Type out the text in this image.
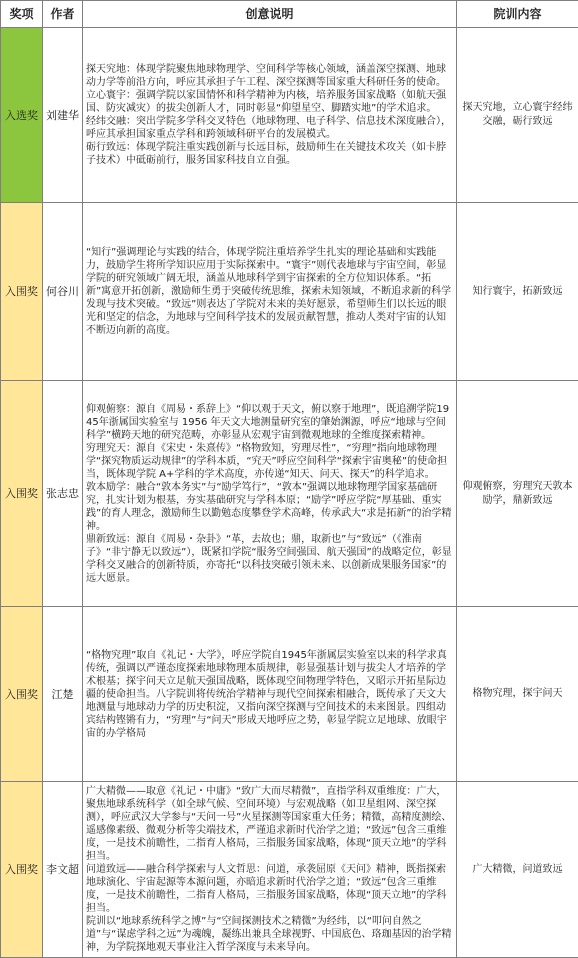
奖项	作者	创意说明	院训内容
入选奖	刘建华	探天究地：体现学院聚焦地球物理学、空间科学等核心领域，涵盖深空探测、地球动力学等前沿方向，呼应其承担子午工程、深空探测等国家重大科研任务的使命。
立心寰宇：强调学院以家国情怀和科学精神为内核，培养服务国家战略（如航天强国、防灾减灾）的拔尖创新人才，同时彰显“仰望星空、脚踏实地”的学术追求。
经纬交融：突出学院多学科交叉特色（地球物理、电子科学、信息技术深度融合），呼应其承担国家重点学科和跨领域科研平台的发展模式。
砺行致远：体现学院注重实践创新与长远目标，鼓励师生在关键技术攻关（如卡脖子技术）中砥砺前行，服务国家科技自立自强。	探天究地，立心寰宇经纬交融，砺行致远
入围奖	何谷川	“知行”强调理论与实践的结合，体现学院注重培养学生扎实的理论基础和实践能力，鼓励学生将所学知识应用于实际探索中。“寰宇”则代表地球与宇宙空间，彰显学院的研究领域广阔无垠，涵盖从地球科学到宇宙探索的全方位知识体系。“拓新”寓意开拓创新，激励师生勇于突破传统思维，探索未知领域，不断追求新的科学发现与技术突破。“致远”则表达了学院对未来的美好愿景，希望师生们以长远的眼光和坚定的信念，为地球与空间科学技术的发展贡献智慧，推动人类对宇宙的认知不断迈向新的高度。	知行寰宇，拓新致远
入围奖	张志忠	仰观俯察：源自《周易・系辞上》“仰以观于天文，俯以察于地理”，既追溯学院1945年浙属国实验室与 1956 年天文大地测量研究室的肇始渊源，呼应“地球与空间科学”横跨天地的研究范畴，亦彰显从宏观宇宙到微观地球的全维度探索精神。
穷理究天：源自《宋史・朱熹传》“格物致知，穷理尽性”，“穷理”指向地球物理学“探究物质运动规律”的学科本质，“究天”呼应空间科学“探索宇宙奥秘”的使命担当，既体现学院 A+学科的学术高度，亦传递“知天、问天、探天”的科学追求。
敦本励学：融合“敦本务实”与“励学笃行”，“敦本”强调以地球物理学国家基础研究，扎实计划为根基，夯实基础研究与学科本原；“励学”呼应学院“厚基础、重实践”的育人理念，激励师生以勤勉态度攀登学术高峰，传承武大“求是拓新”的治学精神。
鼎新致远：源自《周易・杂卦》“革，去故也；鼎，取新也”与“致远”（《淮南子》“非宁静无以致远”），既紧扣学院“服务空间强国、航天强国”的战略定位，彰显学科交叉融合的创新特质，亦寄托“以科技突破引领未来、以创新成果服务国家”的远大愿景。	仰观俯察，穷理究天敦本励学，鼎新致远
入围奖	江楚	“格物究理”取自《礼记・大学》，呼应学院自1945年浙属层实验室以来的科学求真传统，强调以严谨态度探索地球物理本质规律，彰显强基计划与拔尖人才培养的学术根基；探宇问天立足航天强国战略，既体现空间物理学特色，又昭示开拓星际边疆的使命担当。八字院训将传统治学精神与现代空间探索相融合，既传承了天文大地测量与地球动力学的历史积淀，又指向深空探测与空间技术的未来图景。四组动宾结构铿锵有力，“穷理”与“问天”形成天地呼应之势，彰显学院立足地球、放眼宇宙的办学格局	格物究理，探宇问天
入围奖	李文超	广大精微——取意《礼记・中庸》“致广大而尽精微”，直指学科双重维度：广大，聚焦地球系统科学（如全球气候、空间环境）与宏观战略（如卫星组网、深空探测），呼应武汉大学参与“天问一号”火星探测等国家重大任务；精微，高精度测绘、遥感像素级、微观分析等尖端技术，严谨追求新时代治学之道；“致远”包含三重维度，一是技术前瞻性，二指育人格局，三指服务国家战略，体现“顶天立地”的学科担当。
问道致远——融合科学探索与人文哲思：问道，承袭屈原《天问》精神，既指探索地球演化、宇宙起源等本源问题，亦暗追求新时代治学之道；“致远”包含三重维度，一是技术前瞻性，二指育人格局，三指服务国家战略，体现“顶天立地”的学科担当。
院训以“地球系统科学之博”与“空间探测技术之精微”为经纬，以“叩问自然之道”与“谋虑学科之远”为魂魄，凝练出兼具全球视野、中国底色、珞珈基因的治学精神，为学院探地观天事业注入哲学深度与未来导向。	广大精微，问道致远
